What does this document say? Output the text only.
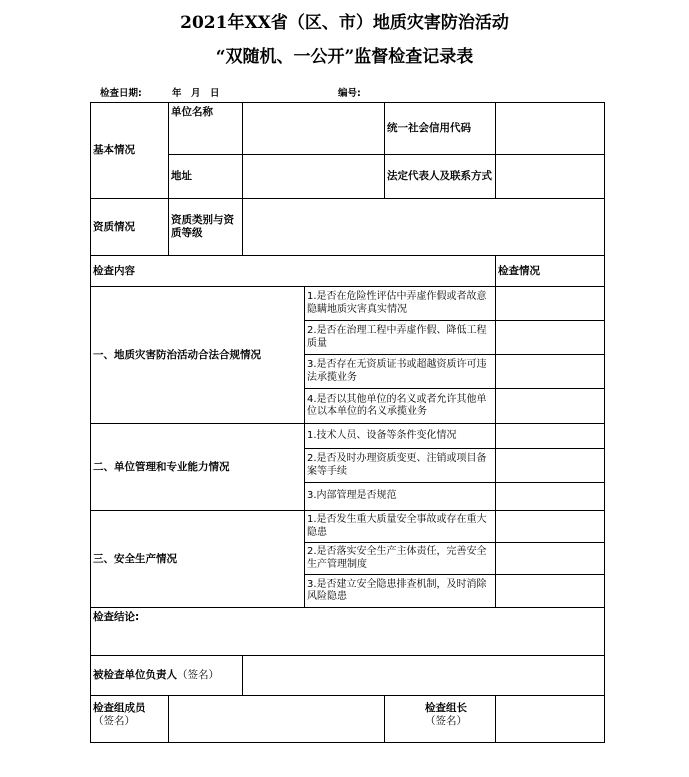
2021年XX省（区、市）地质灾害防治活动
“双随机、一公开”监督检查记录表
检查日期:	年　月　日	编号:
基本情况	单位名称			统一社会信用代码	
	地址			法定代表人及联系方式	
资质情况	资质类别与资质等级				
检查内容					检查情况
一、地质灾害防治活动合法合规情况			1.是否在危险性评估中弄虚作假或者故意隐瞒地质灾害真实情况		
			2.是否在治理工程中弄虚作假、降低工程质量		
			3.是否存在无资质证书或超越资质许可违法承揽业务		
			4.是否以其他单位的名义或者允许其他单位以本单位的名义承揽业务		
二、单位管理和专业能力情况			1.技术人员、设备等条件变化情况		
			2.是否及时办理资质变更、注销或项目备案等手续		
			3.内部管理是否规范		
三、安全生产情况			1.是否发生重大质量安全事故或存在重大隐患		
			2.是否落实安全生产主体责任，完善安全生产管理制度		
			3.是否建立安全隐患排查机制，及时消除风险隐患		
检查结论:					
被检查单位负责人（签名）					

检查组成员
（签名）				检查组长
（签名）	
